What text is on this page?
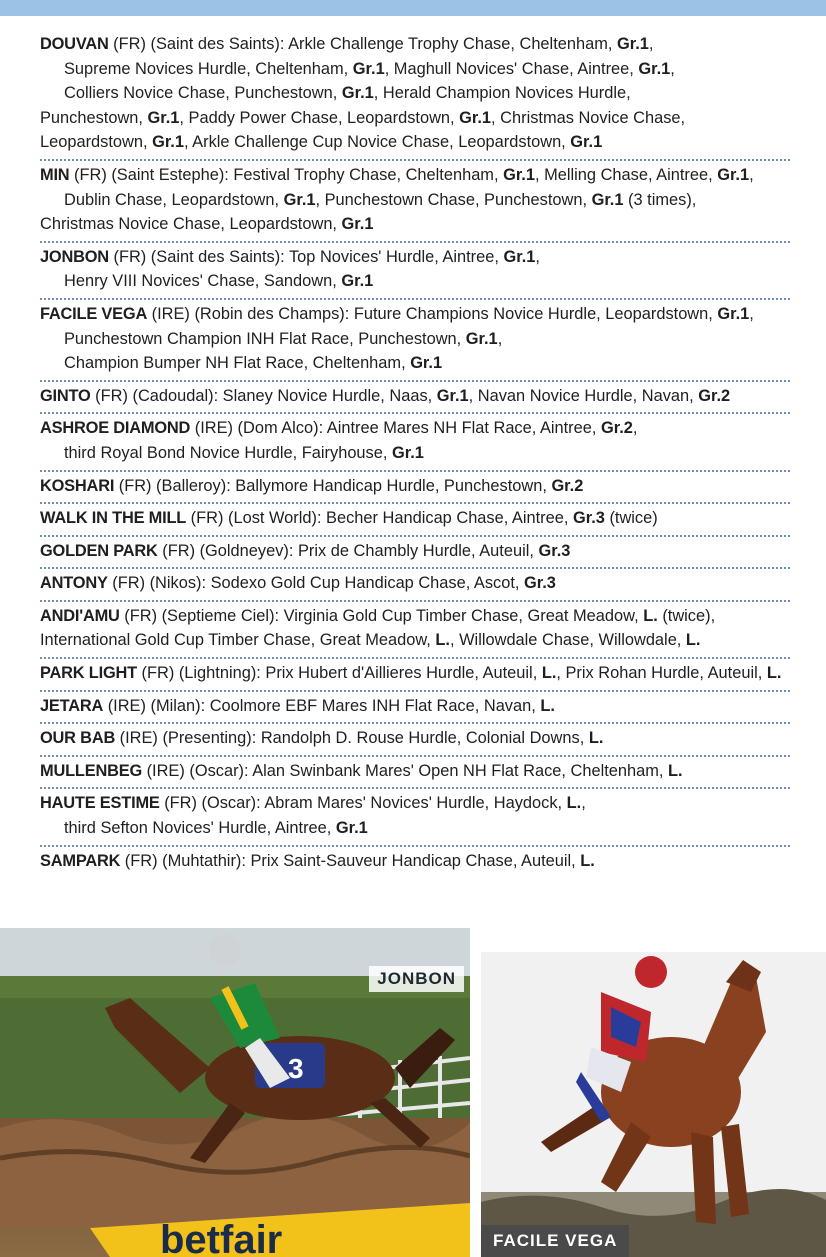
DOUVAN (FR) (Saint des Saints): Arkle Challenge Trophy Chase, Cheltenham, Gr.1,

Supreme Novices Hurdle, Cheltenham, Gr.1, Maghull Novices' Chase, Aintree, Gr.1,

Colliers Novice Chase, Punchestown, Gr.1, Herald Champion Novices Hurdle,

Punchestown, Gr.1, Paddy Power Chase, Leopardstown, Gr.1, Christmas Novice Chase,

Leopardstown, Gr.1, Arkle Challenge Cup Novice Chase, Leopardstown, Gr.1

MIN (FR) (Saint Estephe): Festival Trophy Chase, Cheltenham, Gr.1, Melling Chase, Aintree, Gr.1,

Dublin Chase, Leopardstown, Gr.1, Punchestown Chase, Punchestown, Gr.1 (3 times),

Christmas Novice Chase, Leopardstown, Gr.1

JONBON (FR) (Saint des Saints): Top Novices' Hurdle, Aintree, Gr.1,

Henry VIII Novices' Chase, Sandown, Gr.1

FACILE VEGA (IRE) (Robin des Champs): Future Champions Novice Hurdle, Leopardstown, Gr.1,

Punchestown Champion INH Flat Race, Punchestown, Gr.1,

Champion Bumper NH Flat Race, Cheltenham, Gr.1

GINTO (FR) (Cadoudal): Slaney Novice Hurdle, Naas, Gr.1, Navan Novice Hurdle, Navan, Gr.2

ASHROE DIAMOND (IRE) (Dom Alco): Aintree Mares NH Flat Race, Aintree, Gr.2,

third Royal Bond Novice Hurdle, Fairyhouse, Gr.1

KOSHARI (FR) (Balleroy): Ballymore Handicap Hurdle, Punchestown, Gr.2

WALK IN THE MILL (FR) (Lost World): Becher Handicap Chase, Aintree, Gr.3 (twice)

GOLDEN PARK (FR) (Goldneyev): Prix de Chambly Hurdle, Auteuil, Gr.3

ANTONY (FR) (Nikos): Sodexo Gold Cup Handicap Chase, Ascot, Gr.3

ANDI'AMU (FR) (Septieme Ciel): Virginia Gold Cup Timber Chase, Great Meadow, L. (twice),

International Gold Cup Timber Chase, Great Meadow, L., Willowdale Chase, Willowdale, L.

PARK LIGHT (FR) (Lightning): Prix Hubert d'Aillieres Hurdle, Auteuil, L., Prix Rohan Hurdle, Auteuil, L.

JETARA (IRE) (Milan): Coolmore EBF Mares INH Flat Race, Navan, L.

OUR BAB (IRE) (Presenting): Randolph D. Rouse Hurdle, Colonial Downs, L.

MULLENBEG (IRE) (Oscar): Alan Swinbank Mares' Open NH Flat Race, Cheltenham, L.

HAUTE ESTIME (FR) (Oscar): Abram Mares' Novices' Hurdle, Haydock, L.,

third Sefton Novices' Hurdle, Aintree, Gr.1

SAMPARK (FR) (Muhtathir): Prix Saint-Sauveur Handicap Chase, Auteuil, L.

betfair
3
JONBON
FACILE VEGA
